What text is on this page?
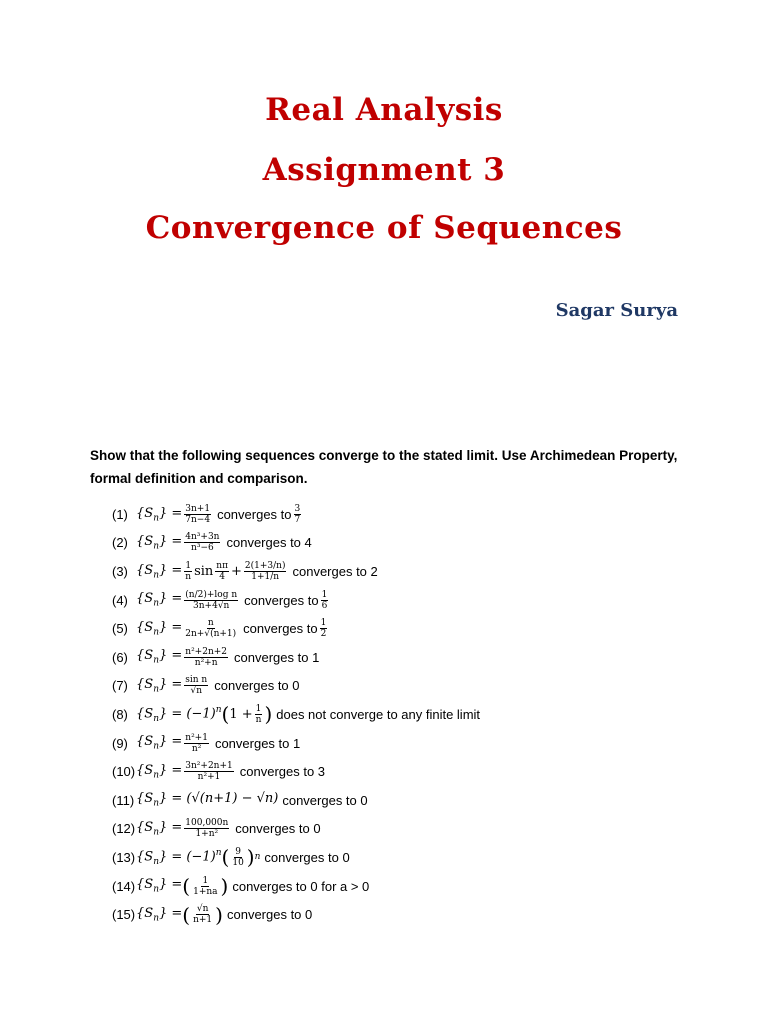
Real Analysis
Assignment 3
Convergence of Sequences
Sagar Surya
Show that the following sequences converge to the stated limit. Use Archimedean Property, formal definition and comparison.
(1) $\{S_n\} = \frac{3n+1}{7n-4}$ converges to $\frac{3}{7}$
(2) $\{S_n\} = \frac{\text{4n³+3n}}{\text{n³−6}}$ converges to 4
(3) $\{S_n\} = \frac{1}{n}$ $\sin \frac{n\pi}{4} + \frac{2(1+3/n)}{1+1/n}$ converges to 2
(4) $\{S_n\} = \frac{\text{(n/2)+log n}}{3n+4√n}$ converges to $\frac{1}{6}$
(5) $\{S_n\} = \frac{n}{2n+√(n+1)}$ converges to $\frac{1}{2}$
(6) $\{S_n\} = \frac{\text{n²+2n+2}}{\text{n²+n}}$ converges to 1
(7) $\{S_n\} = \frac{\text{sin n}}{√n}$ converges to 0
(8) $\{S_n\} = (-1)^n$ ( $1 + \frac{1}{n}$ ) does not converge to any finite limit
(9) $\{S_n\} = \frac{\text{n²+1}}{\text{n²}}$ converges to 1
(10) $\{S_n\} = \frac{\text{3n²+2n+1}}{\text{n²+1}}$ converges to 3
(11) $\{S_n\} = (√(n+1) - √n)$ converges to 0
(12) $\{S_n\} = \frac{100,000n}{\text{1+n²}}$ converges to 0
(13) $\{S_n\} = (-1)^n$ ( $\frac{9}{10}$ ) n converges to 0
(14) $\{S_n\}$ = ( $\frac{1}{1+na}$ ) converges to 0 for a > 0
(15) $\{S_n\}$ = ( $\frac{√n}{n+1}$ ) converges to 0
